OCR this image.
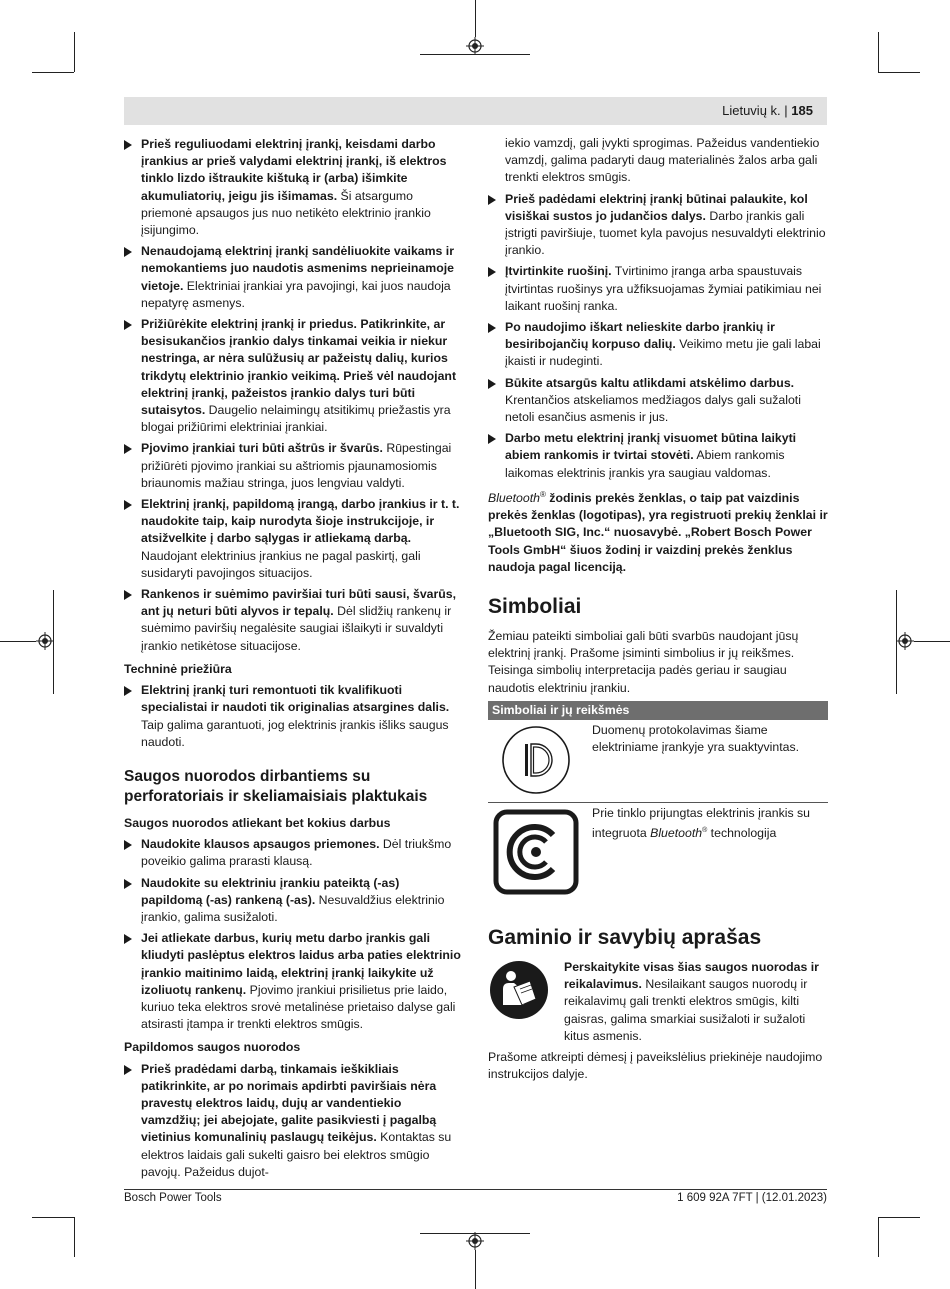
Lietuvių k. | 185
Prieš reguliuodami elektrinį įrankį, keisdami darbo įrankius ar prieš valydami elektrinį įrankį, iš elektros tinklo lizdo ištraukite kištuką ir (arba) išimkite akumuliatorių, jeigu jis išimamas. Ši atsargumo priemonė apsaugos jus nuo netikėto elektrinio įrankio įsijungimo.
Nenaudojamą elektrinį įrankį sandėliuokite vaikams ir nemokantiems juo naudotis asmenims neprieinamoje vietoje. Elektriniai įrankiai yra pavojingi, kai juos naudoja nepatyrę asmenys.
Prižiūrėkite elektrinį įrankį ir priedus. Patikrinkite, ar besisukančios įrankio dalys tinkamai veikia ir niekur nestringa, ar nėra sulūžusių ar pažeistų dalių, kurios trikdytų elektrinio įrankio veikimą. Prieš vėl naudojant elektrinį įrankį, pažeistos įrankio dalys turi būti sutaisytos. Daugelio nelaimingų atsitikimų priežastis yra blogai prižiūrimi elektriniai įrankiai.
Pjovimo įrankiai turi būti aštrūs ir švarūs. Rūpestingai prižiūrėti pjovimo įrankiai su aštriomis pjaunamosiomis briaunomis mažiau stringa, juos lengviau valdyti.
Elektrinį įrankį, papildomą įrangą, darbo įrankius ir t. t. naudokite taip, kaip nurodyta šioje instrukcijoje, ir atsižvelkite į darbo sąlygas ir atliekamą darbą. Naudojant elektrinius įrankius ne pagal paskirtį, gali susidaryti pavojingos situacijos.
Rankenos ir suėmimo paviršiai turi būti sausi, švarūs, ant jų neturi būti alyvos ir tepalų. Dėl slidžių rankenų ir suėmimo paviršių negalėsite saugiai išlaikyti ir suvaldyti įrankio netikėtose situacijose.
Techninė priežiūra
Elektrinį įrankį turi remontuoti tik kvalifikuoti specialistai ir naudoti tik originalias atsargines dalis. Taip galima garantuoti, jog elektrinis įrankis išliks saugus naudoti.
Saugos nuorodos dirbantiems su perforatoriais ir skeliamaisiais plaktukais
Saugos nuorodos atliekant bet kokius darbus
Naudokite klausos apsaugos priemones. Dėl triukšmo poveikio galima prarasti klausą.
Naudokite su elektriniu įrankiu pateiktą (-as) papildomą (-as) rankeną (-as). Nesuvaldžius elektrinio įrankio, galima susižaloti.
Jei atliekate darbus, kurių metu darbo įrankis gali kliudyti paslėptus elektros laidus arba paties elektrinio įrankio maitinimo laidą, elektrinį įrankį laikykite už izoliuotų rankenų. Pjovimo įrankiui prisilietus prie laido, kuriuo teka elektros srovė metalinėse prietaiso dalyse gali atsirasti įtampa ir trenkti elektros smūgis.
Papildomos saugos nuorodos
Prieš pradėdami darbą, tinkamais ieškikliais patikrinkite, ar po norimais apdirbti paviršiais nėra pravestų elektros laidų, dujų ar vandentiekio vamzdžių; jei abejojate, galite pasikviesti į pagalbą vietinius komunalinių paslaugų teikėjus. Kontaktas su elektros laidais gali sukelti gaisro bei elektros smūgio pavojų. Pažeidus dujot-
iekio vamzdį, gali įvykti sprogimas. Pažeidus vandentiekio vamzdį, galima padaryti daug materialinės žalos arba gali trenkti elektros smūgis.
Prieš padėdami elektrinį įrankį būtinai palaukite, kol visiškai sustos jo judančios dalys. Darbo įrankis gali įstrigti paviršiuje, tuomet kyla pavojus nesuvaldyti elektrinio įrankio.
Įtvirtinkite ruošinį. Tvirtinimo įranga arba spaustuvais įtvirtintas ruošinys yra užfiksuojamas žymiai patikimiau nei laikant ruošinį ranka.
Po naudojimo iškart nelieskite darbo įrankių ir besiribojančių korpuso dalių. Veikimo metu jie gali labai įkaisti ir nudeginti.
Būkite atsargūs kaltu atlikdami atskėlimo darbus. Krentančios atskeliamos medžiagos dalys gali sužaloti netoli esančius asmenis ir jus.
Darbo metu elektrinį įrankį visuomet būtina laikyti abiem rankomis ir tvirtai stovėti. Abiem rankomis laikomas elektrinis įrankis yra saugiau valdomas.
Bluetooth® žodinis prekės ženklas, o taip pat vaizdinis prekės ženklas (logotipas), yra registruoti prekių ženklai ir „Bluetooth SIG, Inc.“ nuosavybė. „Robert Bosch Power Tools GmbH“ šiuos žodinį ir vaizdinį prekės ženklus naudoja pagal licenciją.
Simboliai
Žemiau pateikti simboliai gali būti svarbūs naudojant jūsų elektrinį įrankį. Prašome įsiminti simbolius ir jų reikšmes. Teisinga simbolių interpretacija padės geriau ir saugiau naudotis elektriniu įrankiu.
Simboliai ir jų reikšmės
Duomenų protokolavimas šiame elektriniame įrankyje yra suaktyvintas.
Prie tinklo prijungtas elektrinis įrankis su integruota Bluetooth® technologija
Gaminio ir savybių aprašas
Perskaitykite visas šias saugos nuorodas ir reikalavimus. Nesilaikant saugos nuorodų ir reikalavimų gali trenkti elektros smūgis, kilti gaisras, galima smarkiai susižaloti ir sužaloti kitus asmenis.
Prašome atkreipti dėmesį į paveikslėlius priekinėje naudojimo instrukcijos dalyje.
Bosch Power Tools	1 609 92A 7FT | (12.01.2023)
